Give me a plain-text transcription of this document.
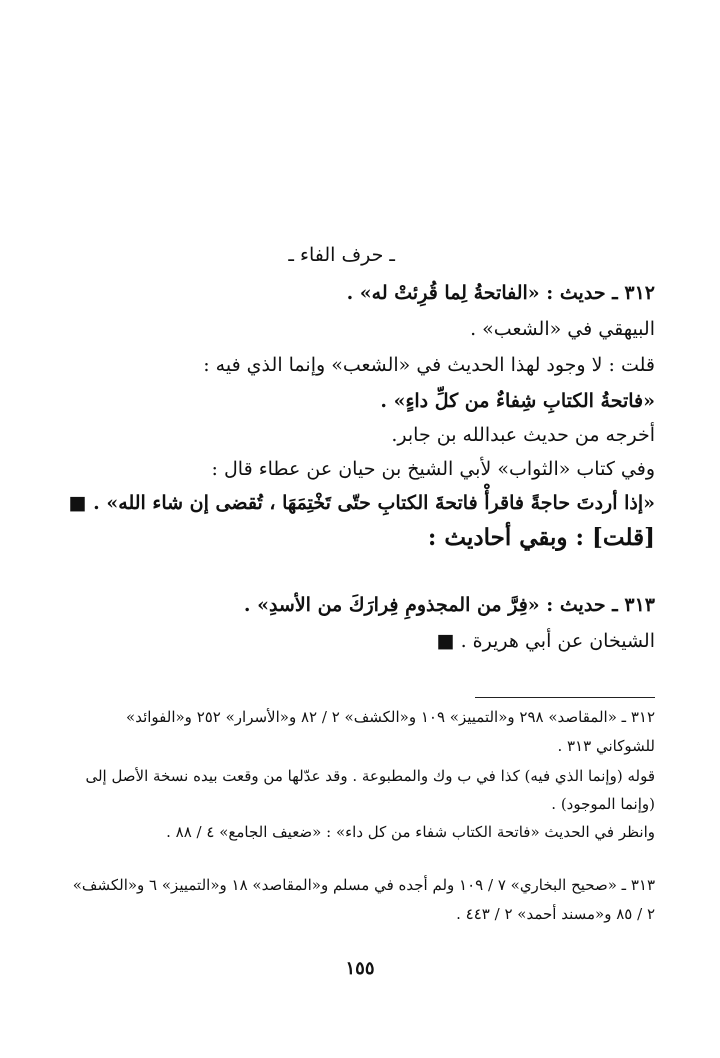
ـ حرف الفاء ـ
٣١٢ ـ حديث : «الفاتحةُ لِما قُرِئتْ له» .
البيهقي في «الشعب» .
قلت : لا وجود لهذا الحديث في «الشعب» وإنما الذي فيه :
«فاتحةُ الكتابِ شِفاءٌ من كلِّ داءٍ» .
أخرجه من حديث عبدالله بن جابر.
وفي كتاب «الثواب» لأبي الشيخ بن حيان عن عطاء قال :
«إذا أردتَ حاجةً فاقرأْ فاتحةَ الكتابِ حتّى تَخْتِمَهَا ، تُقضى إن شاء الله» . ■
[قلت] : وبقي أحاديث :
٣١٣ ـ حديث : «فِرَّ من المجذومِ فِرارَكَ من الأسدِ» .
الشيخان عن أبي هريرة . ■
٣١٢ ـ «المقاصد» ٢٩٨ و«التمييز» ١٠٩ و«الكشف» ٢ / ٨٢ و«الأسرار» ٢٥٢ و«الفوائد»
للشوكاني ٣١٣ .
قوله (وإنما الذي فيه) كذا في ب وك والمطبوعة . وقد عدّلها من وقعت بيده نسخة الأصل إلى
(وإنما الموجود) .
وانظر في الحديث «فاتحة الكتاب شفاء من كل داء» : «ضعيف الجامع» ٤ / ٨٨ .
٣١٣ ـ «صحيح البخاري» ٧ / ١٠٩ ولم أجده في مسلم و«المقاصد» ١٨ و«التمييز» ٦ و«الكشف»
٢ / ٨٥ و«مسند أحمد» ٢ / ٤٤٣ .
١٥٥
